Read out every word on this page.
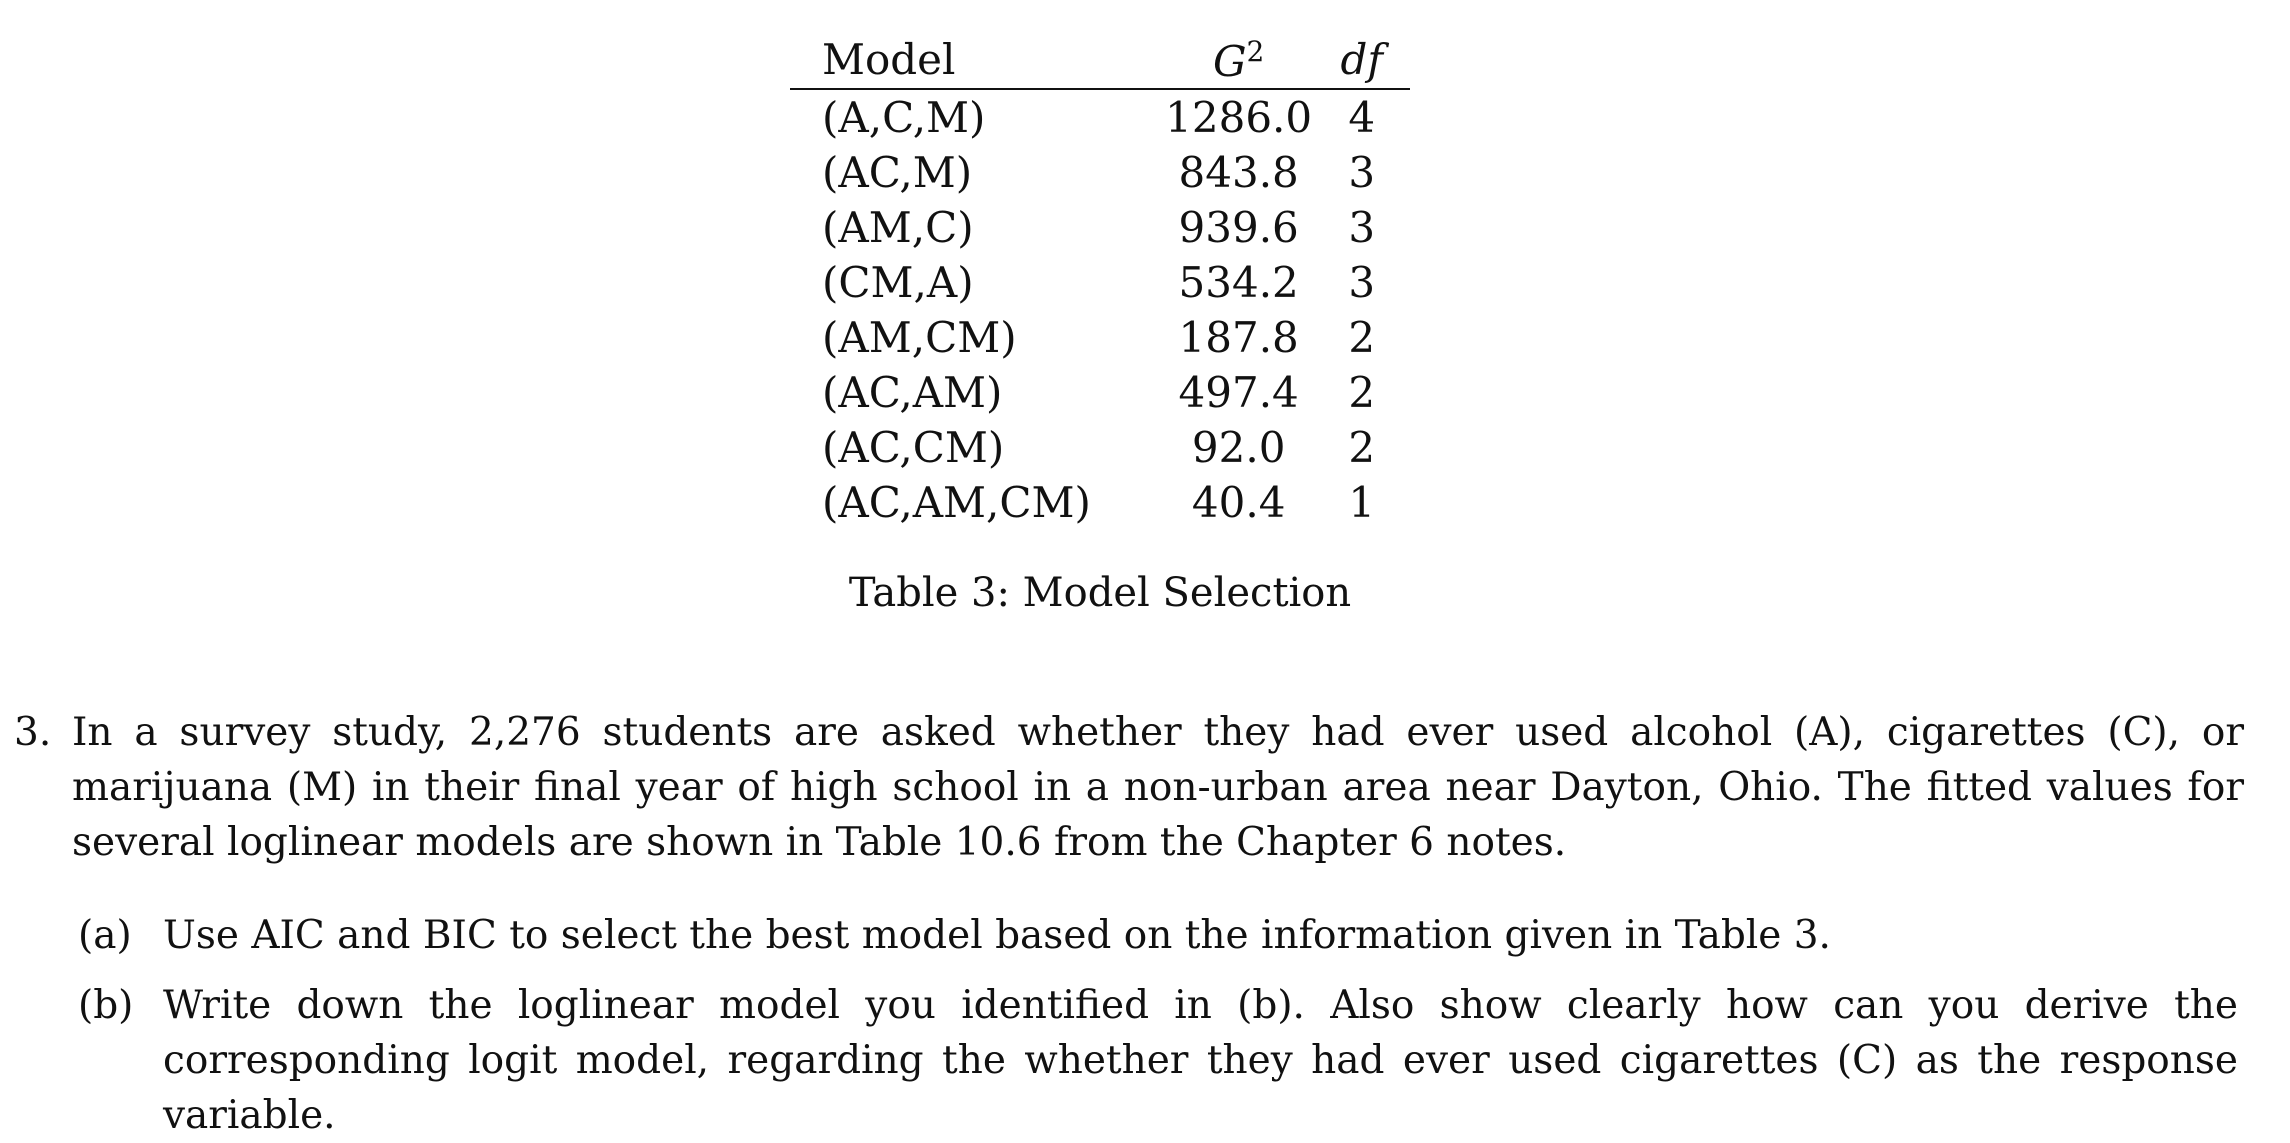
Model	$G^2$	df
(A,C,M)	1286.0	4
(AC,M)	843.8	3
(AM,C)	939.6	3
(CM,A)	534.2	3
(AM,CM)	187.8	2
(AC,AM)	497.4	2
(AC,CM)	92.0	2
(AC,AM,CM)	40.4	1
Table 3: Model Selection
3. In a survey study, 2,276 students are asked whether they had ever used alcohol (A), cigarettes (C), or marijuana (M) in their final year of high school in a non-urban area near Dayton, Ohio. The fitted values for several loglinear models are shown in Table 10.6 from the Chapter 6 notes.
(a) Use AIC and BIC to select the best model based on the information given in Table 3.
(b) Write down the loglinear model you identified in (b). Also show clearly how can you derive the corresponding logit model, regarding the whether they had ever used cigarettes (C) as the response variable.
